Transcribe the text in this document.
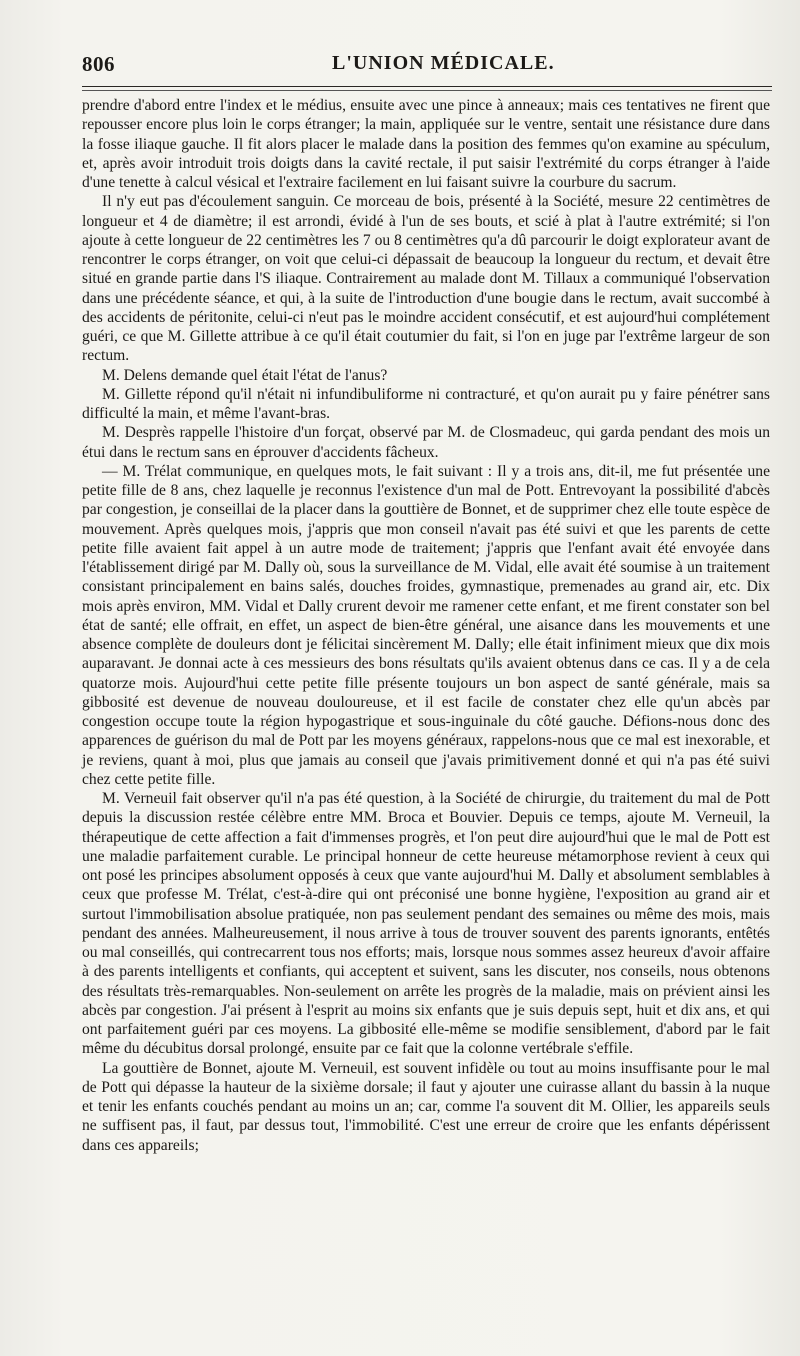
806	L'UNION MÉDICALE.

prendre d'abord entre l'index et le médius, ensuite avec une pince à anneaux; mais ces tentatives ne firent que repousser encore plus loin le corps étranger; la main, appliquée sur le ventre, sentait une résistance dure dans la fosse iliaque gauche. Il fit alors placer le malade dans la position des femmes qu'on examine au spéculum, et, après avoir introduit trois doigts dans la cavité rectale, il put saisir l'extrémité du corps étranger à l'aide d'une tenette à calcul vésical et l'extraire facilement en lui faisant suivre la courbure du sacrum.

Il n'y eut pas d'écoulement sanguin. Ce morceau de bois, présenté à la Société, mesure 22 centimètres de longueur et 4 de diamètre; il est arrondi, évidé à l'un de ses bouts, et scié à plat à l'autre extrémité; si l'on ajoute à cette longueur de 22 centimètres les 7 ou 8 centimètres qu'a dû parcourir le doigt explorateur avant de rencontrer le corps étranger, on voit que celui-ci dépassait de beaucoup la longueur du rectum, et devait être situé en grande partie dans l'S iliaque. Contrairement au malade dont M. Tillaux a communiqué l'observation dans une précédente séance, et qui, à la suite de l'introduction d'une bougie dans le rectum, avait succombé à des accidents de péritonite, celui-ci n'eut pas le moindre accident consécutif, et est aujourd'hui complétement guéri, ce que M. Gillette attribue à ce qu'il était coutumier du fait, si l'on en juge par l'extrême largeur de son rectum.

M. Delens demande quel était l'état de l'anus?

M. Gillette répond qu'il n'était ni infundibuliforme ni contracturé, et qu'on aurait pu y faire pénétrer sans difficulté la main, et même l'avant-bras.

M. Desprès rappelle l'histoire d'un forçat, observé par M. de Closmadeuc, qui garda pendant des mois un étui dans le rectum sans en éprouver d'accidents fâcheux.

— M. Trélat communique, en quelques mots, le fait suivant : Il y a trois ans, dit-il, me fut présentée une petite fille de 8 ans, chez laquelle je reconnus l'existence d'un mal de Pott. Entrevoyant la possibilité d'abcès par congestion, je conseillai de la placer dans la gouttière de Bonnet, et de supprimer chez elle toute espèce de mouvement. Après quelques mois, j'appris que mon conseil n'avait pas été suivi et que les parents de cette petite fille avaient fait appel à un autre mode de traitement; j'appris que l'enfant avait été envoyée dans l'établissement dirigé par M. Dally où, sous la surveillance de M. Vidal, elle avait été soumise à un traitement consistant principalement en bains salés, douches froides, gymnastique, premenades au grand air, etc. Dix mois après environ, MM. Vidal et Dally crurent devoir me ramener cette enfant, et me firent constater son bel état de santé; elle offrait, en effet, un aspect de bien-être général, une aisance dans les mouvements et une absence complète de douleurs dont je félicitai sincèrement M. Dally; elle était infiniment mieux que dix mois auparavant. Je donnai acte à ces messieurs des bons résultats qu'ils avaient obtenus dans ce cas. Il y a de cela quatorze mois. Aujourd'hui cette petite fille présente toujours un bon aspect de santé générale, mais sa gibbosité est devenue de nouveau douloureuse, et il est facile de constater chez elle qu'un abcès par congestion occupe toute la région hypogastrique et sous-inguinale du côté gauche. Défions-nous donc des apparences de guérison du mal de Pott par les moyens généraux, rappelons-nous que ce mal est inexorable, et je reviens, quant à moi, plus que jamais au conseil que j'avais primitivement donné et qui n'a pas été suivi chez cette petite fille.

M. Verneuil fait observer qu'il n'a pas été question, à la Société de chirurgie, du traitement du mal de Pott depuis la discussion restée célèbre entre MM. Broca et Bouvier. Depuis ce temps, ajoute M. Verneuil, la thérapeutique de cette affection a fait d'immenses progrès, et l'on peut dire aujourd'hui que le mal de Pott est une maladie parfaitement curable. Le principal honneur de cette heureuse métamorphose revient à ceux qui ont posé les principes absolument opposés à ceux que vante aujourd'hui M. Dally et absolument semblables à ceux que professe M. Trélat, c'est-à-dire qui ont préconisé une bonne hygiène, l'exposition au grand air et surtout l'immobilisation absolue pratiquée, non pas seulement pendant des semaines ou même des mois, mais pendant des années. Malheureusement, il nous arrive à tous de trouver souvent des parents ignorants, entêtés ou mal conseillés, qui contrecarrent tous nos efforts; mais, lorsque nous sommes assez heureux d'avoir affaire à des parents intelligents et confiants, qui acceptent et suivent, sans les discuter, nos conseils, nous obtenons des résultats très-remarquables. Non-seulement on arrête les progrès de la maladie, mais on prévient ainsi les abcès par congestion. J'ai présent à l'esprit au moins six enfants que je suis depuis sept, huit et dix ans, et qui ont parfaitement guéri par ces moyens. La gibbosité elle-même se modifie sensiblement, d'abord par le fait même du décubitus dorsal prolongé, ensuite par ce fait que la colonne vertébrale s'effile.

La gouttière de Bonnet, ajoute M. Verneuil, est souvent infidèle ou tout au moins insuffisante pour le mal de Pott qui dépasse la hauteur de la sixième dorsale; il faut y ajouter une cuirasse allant du bassin à la nuque et tenir les enfants couchés pendant au moins un an; car, comme l'a souvent dit M. Ollier, les appareils seuls ne suffisent pas, il faut, par dessus tout, l'immobilité. C'est une erreur de croire que les enfants dépérissent dans ces appareils;
